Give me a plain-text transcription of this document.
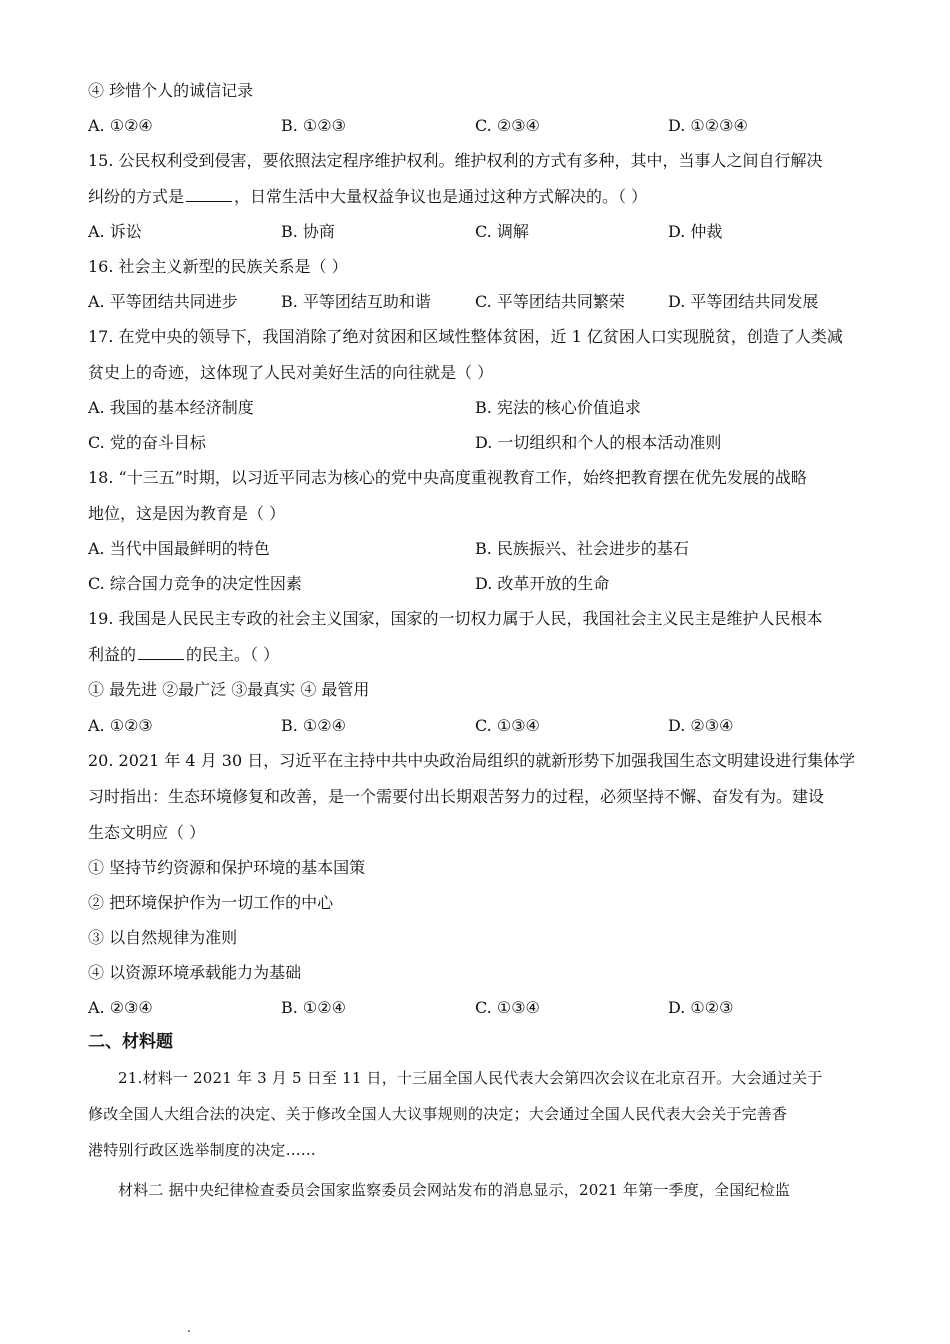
④ 珍惜个人的诚信记录
A. ①②④	B. ①②③	C. ②③④	D. ①②③④
15. 公民权利受到侵害，要依照法定程序维护权利。维护权利的方式有多种，其中，当事人之间自行解决
纠纷的方式是	，日常生活中大量权益争议也是通过这种方式解决的。（ ）
A. 诉讼	B. 协商	C. 调解	D. 仲裁
16. 社会主义新型的民族关系是（ ）
A. 平等团结共同进步	B. 平等团结互助和谐	C. 平等团结共同繁荣	D. 平等团结共同发展
17. 在党中央的领导下，我国消除了绝对贫困和区域性整体贫困，近 1 亿贫困人口实现脱贫，创造了人类减
贫史上的奇迹，这体现了人民对美好生活的向往就是（ ）
A. 我国的基本经济制度	B. 宪法的核心价值追求
C. 党的奋斗目标	D. 一切组织和个人的根本活动准则
18. “十三五”时期，以习近平同志为核心的党中央高度重视教育工作，始终把教育摆在优先发展的战略
地位，这是因为教育是（ ）
A. 当代中国最鲜明的特色	B. 民族振兴、社会进步的基石
C. 综合国力竞争的决定性因素	D. 改革开放的生命
19. 我国是人民民主专政的社会主义国家，国家的一切权力属于人民，我国社会主义民主是维护人民根本
利益的	的民主。（ ）
① 最先进 ②最广泛 ③最真实 ④ 最管用
A. ①②③	B. ①②④	C. ①③④	D. ②③④
20. 2021 年 4 月 30 日，习近平在主持中共中央政治局组织的就新形势下加强我国生态文明建设进行集体学
习时指出：生态环境修复和改善，是一个需要付出长期艰苦努力的过程，必须坚持不懈、奋发有为。建设
生态文明应（ ）
① 坚持节约资源和保护环境的基本国策
② 把环境保护作为一切工作的中心
③ 以自然规律为准则
④ 以资源环境承载能力为基础
A. ②③④	B. ①②④	C. ①③④	D. ①②③
二、材料题
21.材料一 2021 年 3 月 5 日至 11 日，十三届全国人民代表大会第四次会议在北京召开。大会通过关于
修改全国人大组合法的决定、关于修改全国人大议事规则的决定；大会通过全国人民代表大会关于完善香
港特别行政区选举制度的决定……
材料二 据中央纪律检查委员会国家监察委员会网站发布的消息显示，2021 年第一季度，全国纪检监
